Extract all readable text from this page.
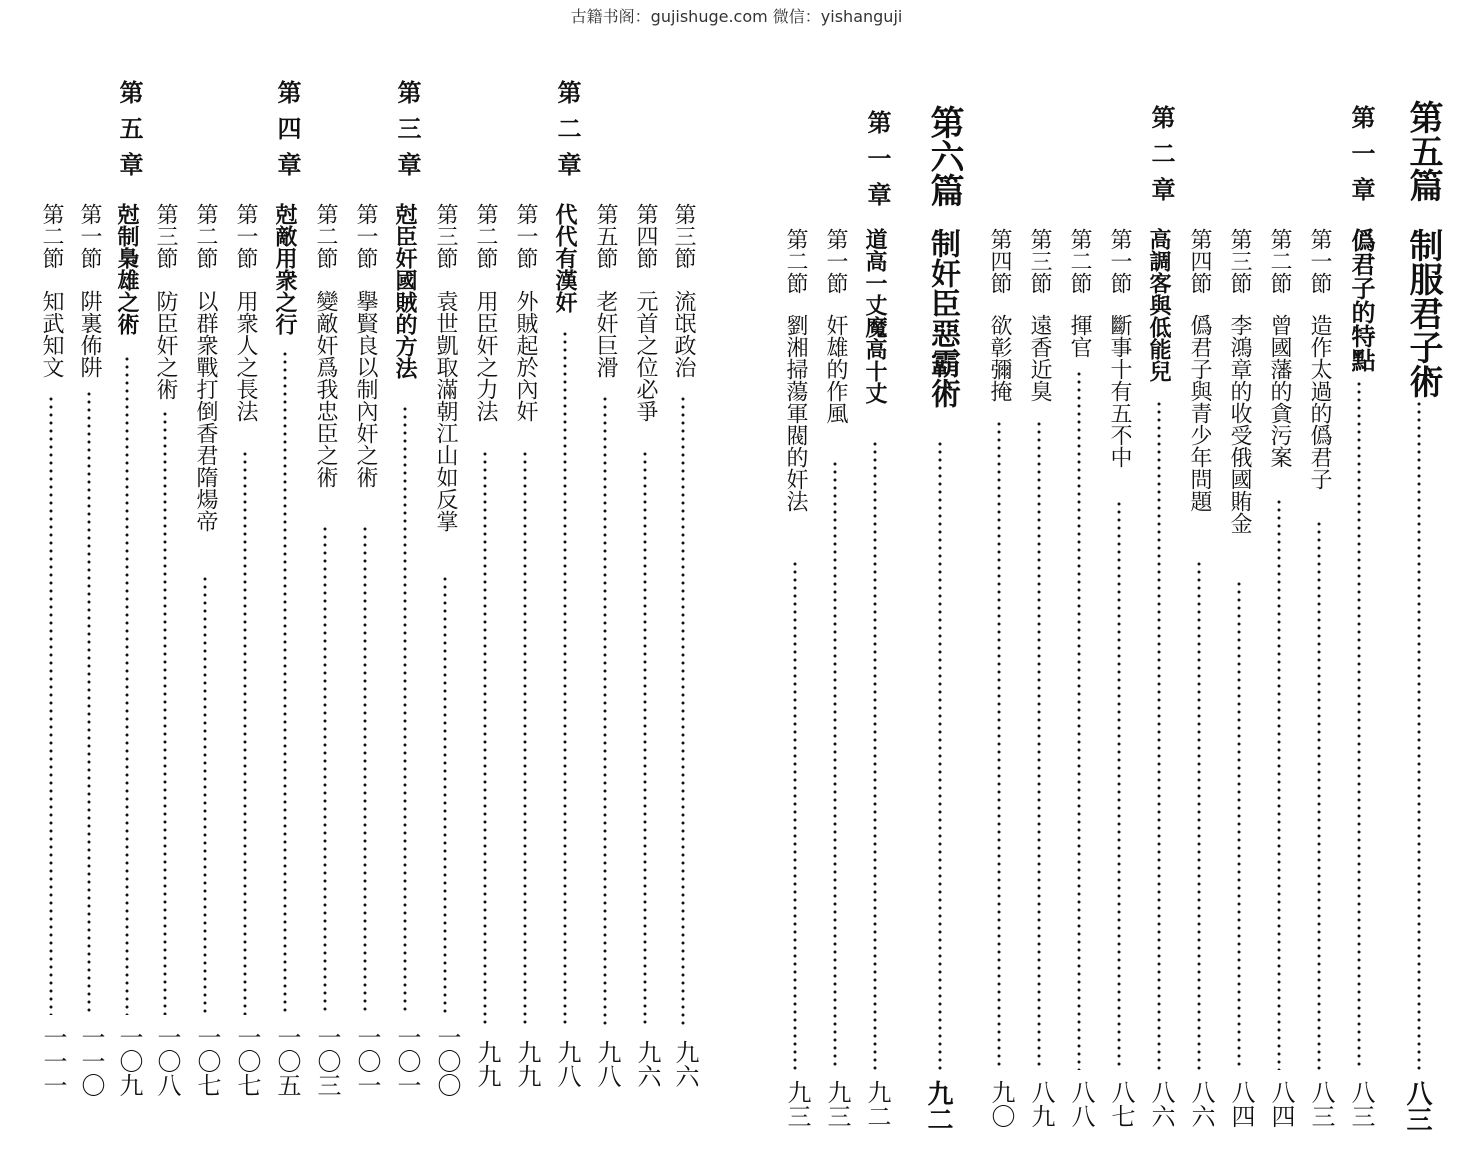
古籍书阁：gujishuge.com 微信：yishanguji
第五篇
制服君子術
八三
第一章
僞君子的特點
八三
第一節
造作太過的僞君子
八三
第二節
曾國藩的貪污案
八四
第三節
李鴻章的收受俄國賄金
八四
第四節
僞君子與青少年問題
八六
第二章
高調客與低能兒
八六
第一節
斷事十有五不中
八七
第二節
揮官
八八
第三節
遠香近臭
八九
第四節
欲彰彌掩
九〇
第六篇
制奸臣惡霸術
九二
第一章
道高一丈魔高十丈
九二
第一節
奸雄的作風
九三
第二節
劉湘掃蕩軍閥的奸法
九三
第三節
流氓政治
九六
第四節
元首之位必爭
九六
第五節
老奸巨滑
九八
第二章
代代有漢奸
九八
第一節
外賊起於內奸
九九
第二節
用臣奸之力法
九九
第三節
袁世凱取滿朝江山如反掌
一〇〇
第三章
尅臣奸國賊的方法
一〇一
第一節
擧賢良以制內奸之術
一〇一
第二節
變敵奸爲我忠臣之術
一〇三
第四章
尅敵用衆之行
一〇五
第一節
用衆人之長法
一〇七
第二節
以群衆戰打倒香君隋煬帝
一〇七
第三節
防臣奸之術
一〇八
第五章
尅制梟雄之術
一〇九
第一節
阱裏佈阱
一一〇
第二節
知武知文
一一一
